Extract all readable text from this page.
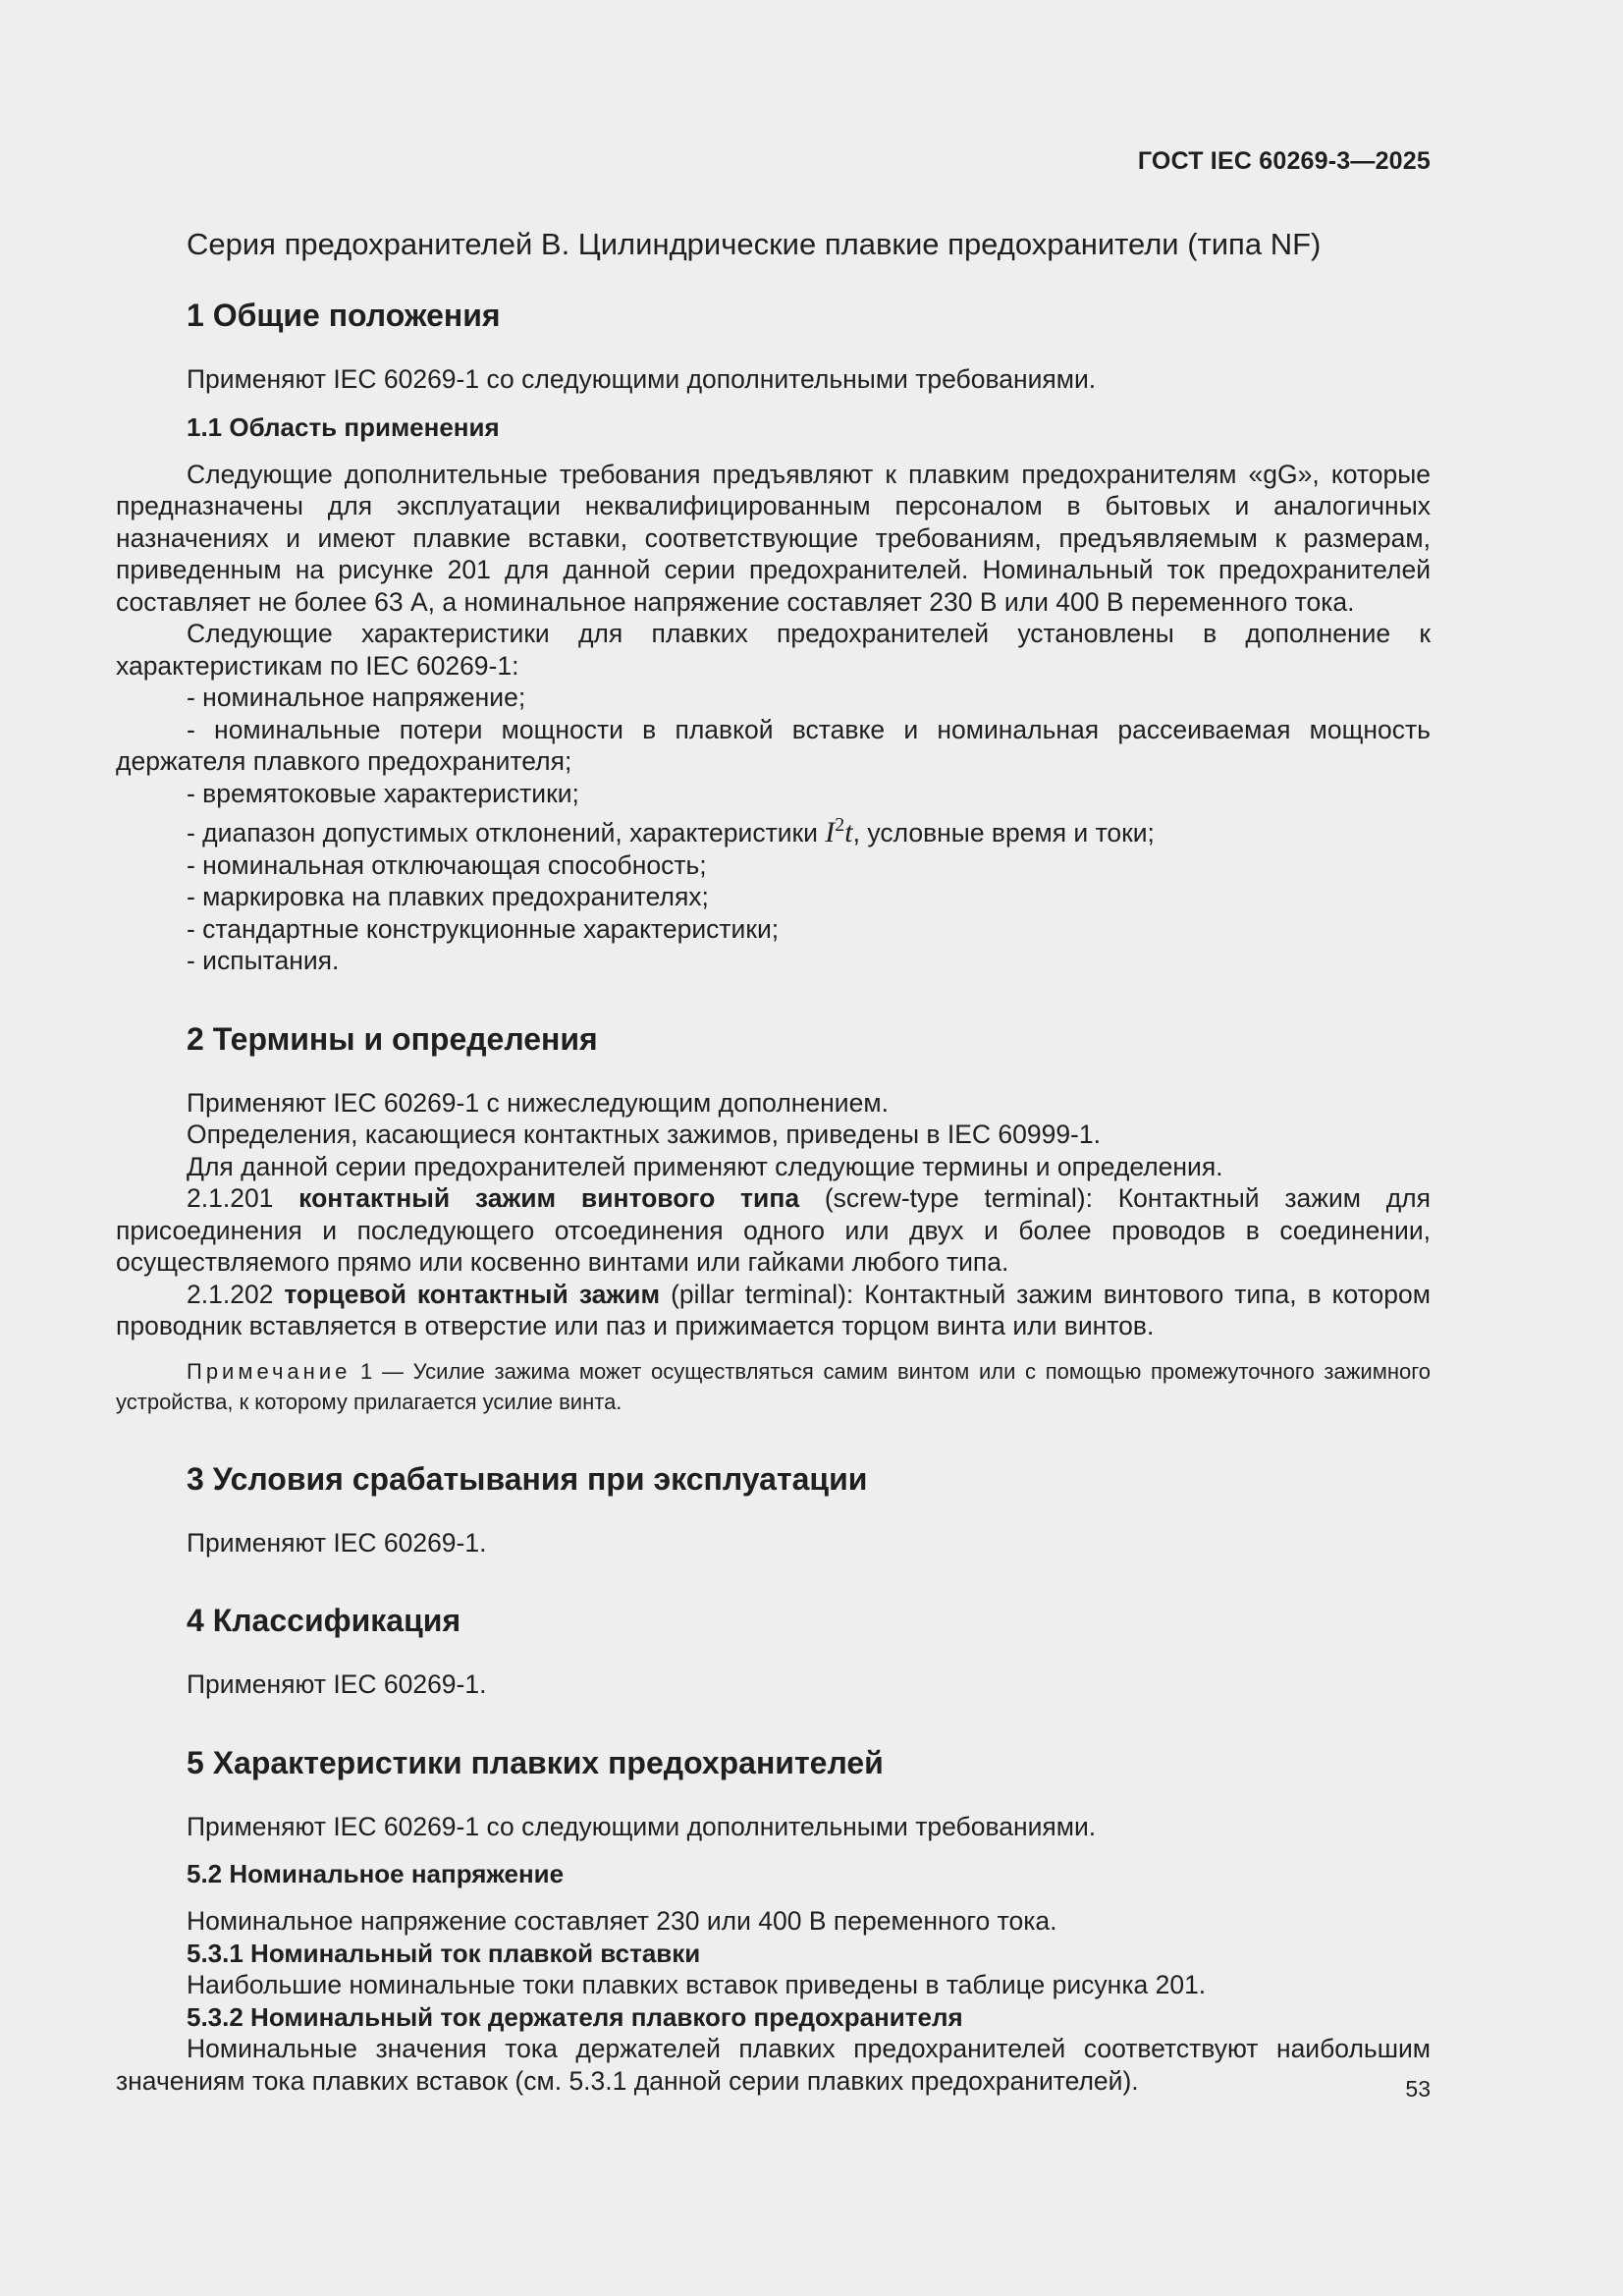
ГОСТ IEC 60269-3—2025
Серия предохранителей B. Цилиндрические плавкие предохранители (типа NF)
1 Общие положения

Применяют IEC 60269-1 со следующими дополнительными требованиями.

1.1 Область применения

Следующие дополнительные требования предъявляют к плавким предохранителям «gG», которые предназначены для эксплуатации неквалифицированным персоналом в бытовых и аналогичных назначениях и имеют плавкие вставки, соответствующие требованиям, предъявляемым к размерам, приведенным на рисунке 201 для данной серии предохранителей. Номинальный ток предохранителей составляет не более 63 А, а номинальное напряжение составляет 230 В или 400 В переменного тока.

Следующие характеристики для плавких предохранителей установлены в дополнение к характеристикам по IEC 60269-1:

- номинальное напряжение;
- номинальные потери мощности в плавкой вставке и номинальная рассеиваемая мощность держателя плавкого предохранителя;
- времятоковые характеристики;
- диапазон допустимых отклонений, характеристики $I^2t$, условные время и токи;
- номинальная отключающая способность;
- маркировка на плавких предохранителях;
- стандартные конструкционные характеристики;
- испытания.
2 Термины и определения

Применяют IEC 60269-1 с нижеследующим дополнением.

Определения, касающиеся контактных зажимов, приведены в IEC 60999-1.

Для данной серии предохранителей применяют следующие термины и определения.

2.1.201 контактный зажим винтового типа (screw-type terminal): Контактный зажим для присоединения и последующего отсоединения одного или двух и более проводов в соединении, осуществляемого прямо или косвенно винтами или гайками любого типа.

2.1.202 торцевой контактный зажим (pillar terminal): Контактный зажим винтового типа, в котором проводник вставляется в отверстие или паз и прижимается торцом винта или винтов.

Примечание 1 — Усилие зажима может осуществляться самим винтом или с помощью промежуточного зажимного устройства, к которому прилагается усилие винта.

3 Условия срабатывания при эксплуатации

Применяют IEC 60269-1.

4 Классификация

Применяют IEC 60269-1.

5 Характеристики плавких предохранителей

Применяют IEC 60269-1 со следующими дополнительными требованиями.

5.2 Номинальное напряжение

Номинальное напряжение составляет 230 или 400 В переменного тока.

5.3.1 Номинальный ток плавкой вставки

Наибольшие номинальные токи плавких вставок приведены в таблице рисунка 201.

5.3.2 Номинальный ток держателя плавкого предохранителя

Номинальные значения тока держателей плавких предохранителей соответствуют наибольшим значениям тока плавких вставок (см. 5.3.1 данной серии плавких предохранителей).	53
